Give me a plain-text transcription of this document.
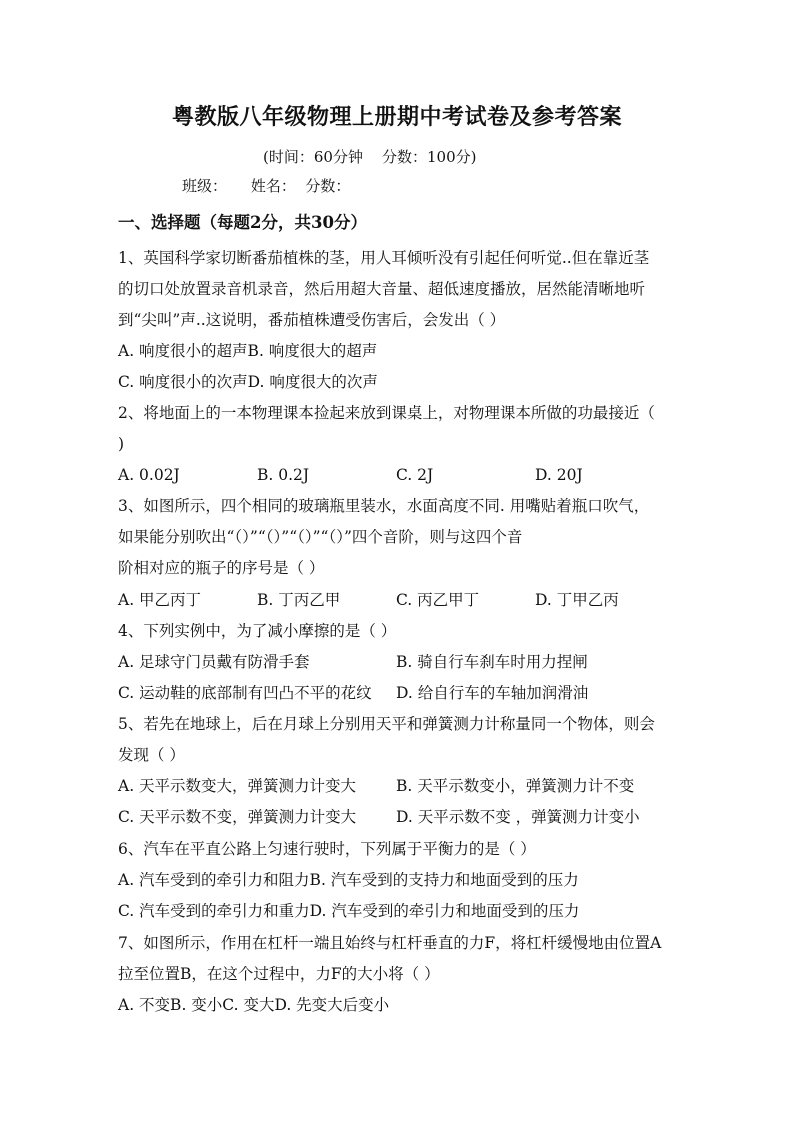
粤教版八年级物理上册期中考试卷及参考答案
(时间：60分钟    分数：100分)
班级：     姓名：  分数：
一、选择题（每题2分，共30分）
1、英国科学家切断番茄植株的茎，用人耳倾听没有引起任何听觉..但在靠近茎
的切口处放置录音机录音，然后用超大音量、超低速度播放，居然能清晰地听
到“尖叫”声..这说明，番茄植株遭受伤害后，会发出（ ）
A. 响度很小的超声B. 响度很大的超声
C. 响度很小的次声D. 响度很大的次声
2、将地面上的一本物理课本捡起来放到课桌上，对物理课本所做的功最接近（
)
A. 0.02J	B. 0.2J	C. 2J	D. 20J
3、如图所示，四个相同的玻璃瓶里装水，水面高度不同. 用嘴贴着瓶口吹气，
如果能分别吹出“（）”“（）”“（）”“（）”四个音阶，则与这四个音
阶相对应的瓶子的序号是（ ）
A. 甲乙丙丁	B. 丁丙乙甲	C. 丙乙甲丁	D. 丁甲乙丙
4、下列实例中，为了减小摩擦的是（ ）
A. 足球守门员戴有防滑手套	B. 骑自行车刹车时用力捏闸
C. 运动鞋的底部制有凹凸不平的花纹 D. 给自行车的车轴加润滑油
5、若先在地球上，后在月球上分别用天平和弹簧测力计称量同一个物体，则会
发现（ ）
A. 天平示数变大，弹簧测力计变大	B. 天平示数变小，弹簧测力计不变
C. 天平示数不变，弹簧测力计变大	D. 天平示数不变 ，弹簧测力计变小
6、汽车在平直公路上匀速行驶时，下列属于平衡力的是（ ）
A. 汽车受到的牵引力和阻力B. 汽车受到的支持力和地面受到的压力
C. 汽车受到的牵引力和重力D. 汽车受到的牵引力和地面受到的压力
7、如图所示，作用在杠杆一端且始终与杠杆垂直的力F，将杠杆缓慢地由位置A
拉至位置B，在这个过程中，力F的大小将（ ）
A. 不变B. 变小C. 变大D. 先变大后变小
